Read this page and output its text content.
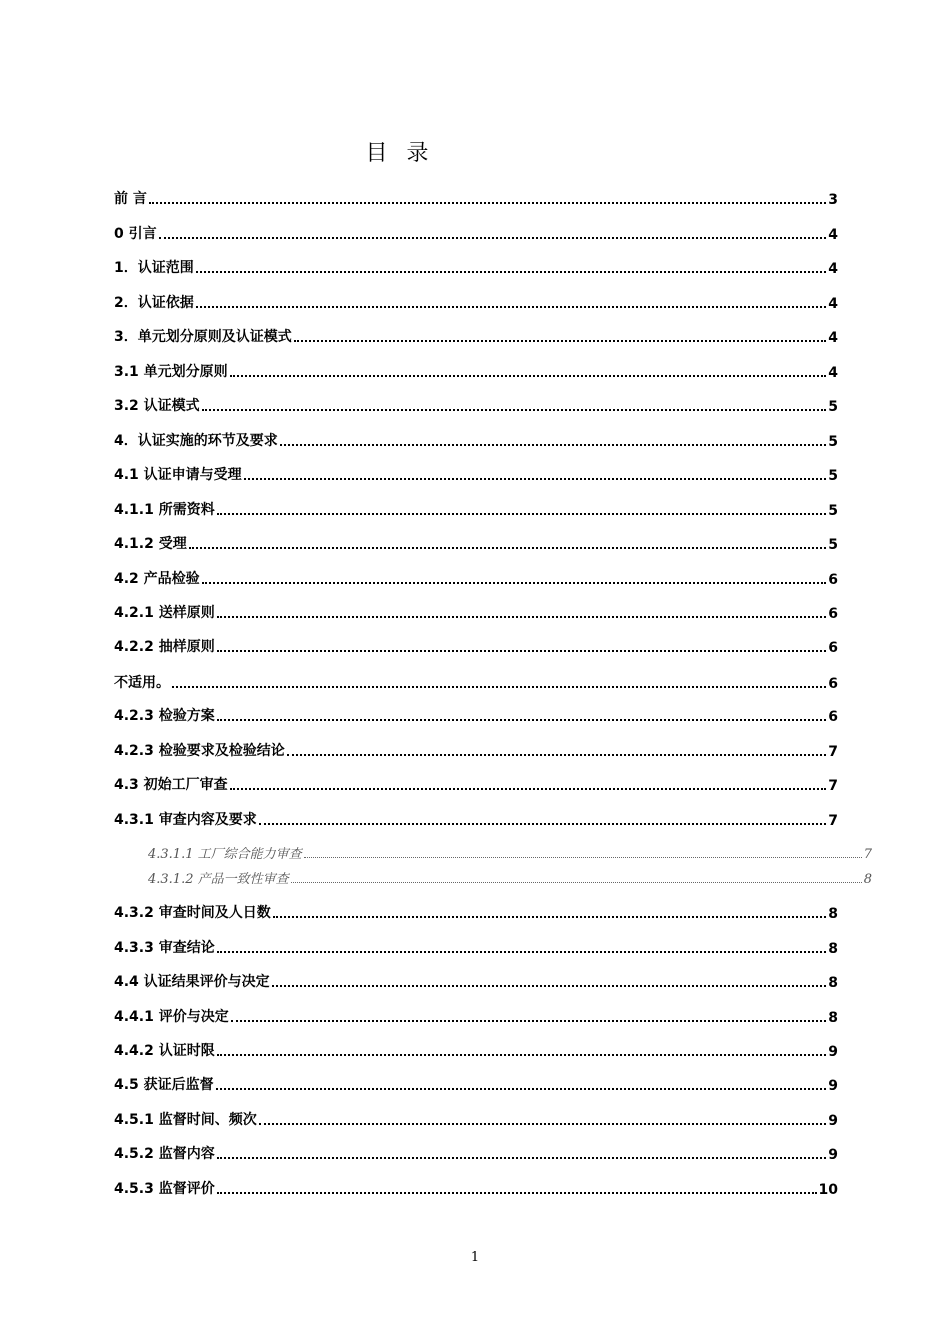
目 录
前 言	3
0 引言	4
1．认证范围	4
2．认证依据	4
3．单元划分原则及认证模式	4
3.1 单元划分原则	4
3.2 认证模式	5
4．认证实施的环节及要求	5
4.1 认证申请与受理	5
4.1.1 所需资料	5
4.1.2 受理	5
4.2 产品检验	6
4.2.1 送样原则	6
4.2.2 抽样原则	6
不适用。	6
4.2.3 检验方案	6
4.2.3 检验要求及检验结论	7
4.3 初始工厂审查	7
4.3.1 审查内容及要求	7
4.3.1.1 工厂综合能力审查	7
4.3.1.2 产品一致性审查	8
4.3.2 审查时间及人日数	8
4.3.3 审查结论	8
4.4 认证结果评价与决定	8
4.4.1 评价与决定	8
4.4.2 认证时限	9
4.5 获证后监督	9
4.5.1 监督时间、频次	9
4.5.2 监督内容	9
4.5.3 监督评价	10
1
